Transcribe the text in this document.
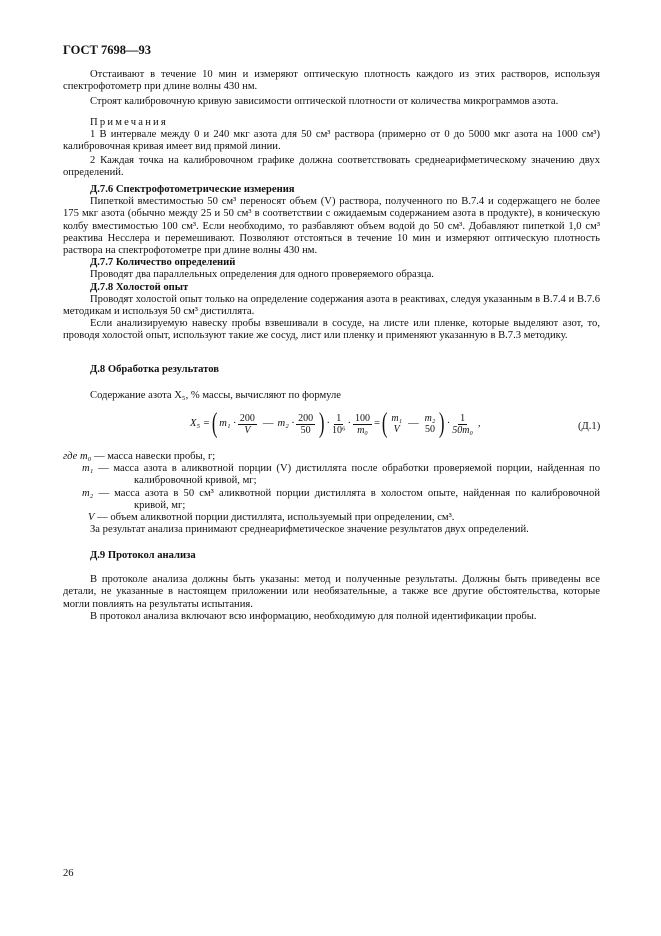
ГОСТ 7698—93

Отстаивают в течение 10 мин и измеряют оптическую плотность каждого из этих растворов, используя спектрофотометр при длине волны 430 нм.

Строят калибровочную кривую зависимости оптической плотности от количества микрограммов азота.

Примечания

1 В интервале между 0 и 240 мкг азота для 50 см³ раствора (примерно от 0 до 5000 мкг азота на 1000 см³) калибровочная кривая имеет вид прямой линии.

2 Каждая точка на калибровочном графике должна соответствовать среднеарифметическому значению двух определений.

Д.7.6 Спектрофотометрические измерения

Пипеткой вместимостью 50 см³ переносят объем (V) раствора, полученного по В.7.4 и содержащего не более 175 мкг азота (обычно между 25 и 50 см³ в соответствии с ожидаемым содержанием азота в продукте), в коническую колбу вместимостью 100 см³. Если необходимо, то разбавляют объем водой до 50 см³. Добавляют пипеткой 1,0 см³ реактива Несслера и перемешивают. Позволяют отстояться в течение 10 мин и измеряют оптическую плотность раствора на спектрофотометре при длине волны 430 нм.

Д.7.7 Количество определений

Проводят два параллельных определения для одного проверяемого образца.

Д.7.8 Холостой опыт

Проводят холостой опыт только на определение содержания азота в реактивах, следуя указанным в В.7.4 и В.7.6 методикам и используя 50 см³ дистиллята.

Если анализируемую навеску пробы взвешивали в сосуде, на листе или пленке, которые выделяют азот, то, проводя холостой опыт, используют такие же сосуд, лист или пленку и применяют указанную в В.7.3 методику.

Д.8 Обработка результатов

Содержание азота X₅, % массы, вычисляют по формуле

X₅ = ( $m_1 \cdot \frac{200}{V}$ — $m_2 \cdot \frac{200}{50}$ ) · $\frac{1}{\text{10⁶}} \cdot \frac{100}{\text{m₀}}$ = ( m₁
V
— m₂
50 ) · $\frac{1}{\text{50m₀}}$ ,	(Д.1)

где m₀ — масса навески пробы, г;

m₁ — масса азота в аликвотной порции (V) дистиллята после обработки проверяемой порции, найденная по калибровочной кривой, мг;

m₂ — масса азота в 50 см³ аликвотной порции дистиллята в холостом опыте, найденная по калибровочной кривой, мг;

V — объем аликвотной порции дистиллята, используемый при определении, см³.

За результат анализа принимают среднеарифметическое значение результатов двух определений.

Д.9 Протокол анализа

В протоколе анализа должны быть указаны: метод и полученные результаты. Должны быть приведены все детали, не указанные в настоящем приложении или необязательные, а также все другие обстоятельства, которые могли повлиять на результаты испытания.

В протокол анализа включают всю информацию, необходимую для полной идентификации пробы.

26
